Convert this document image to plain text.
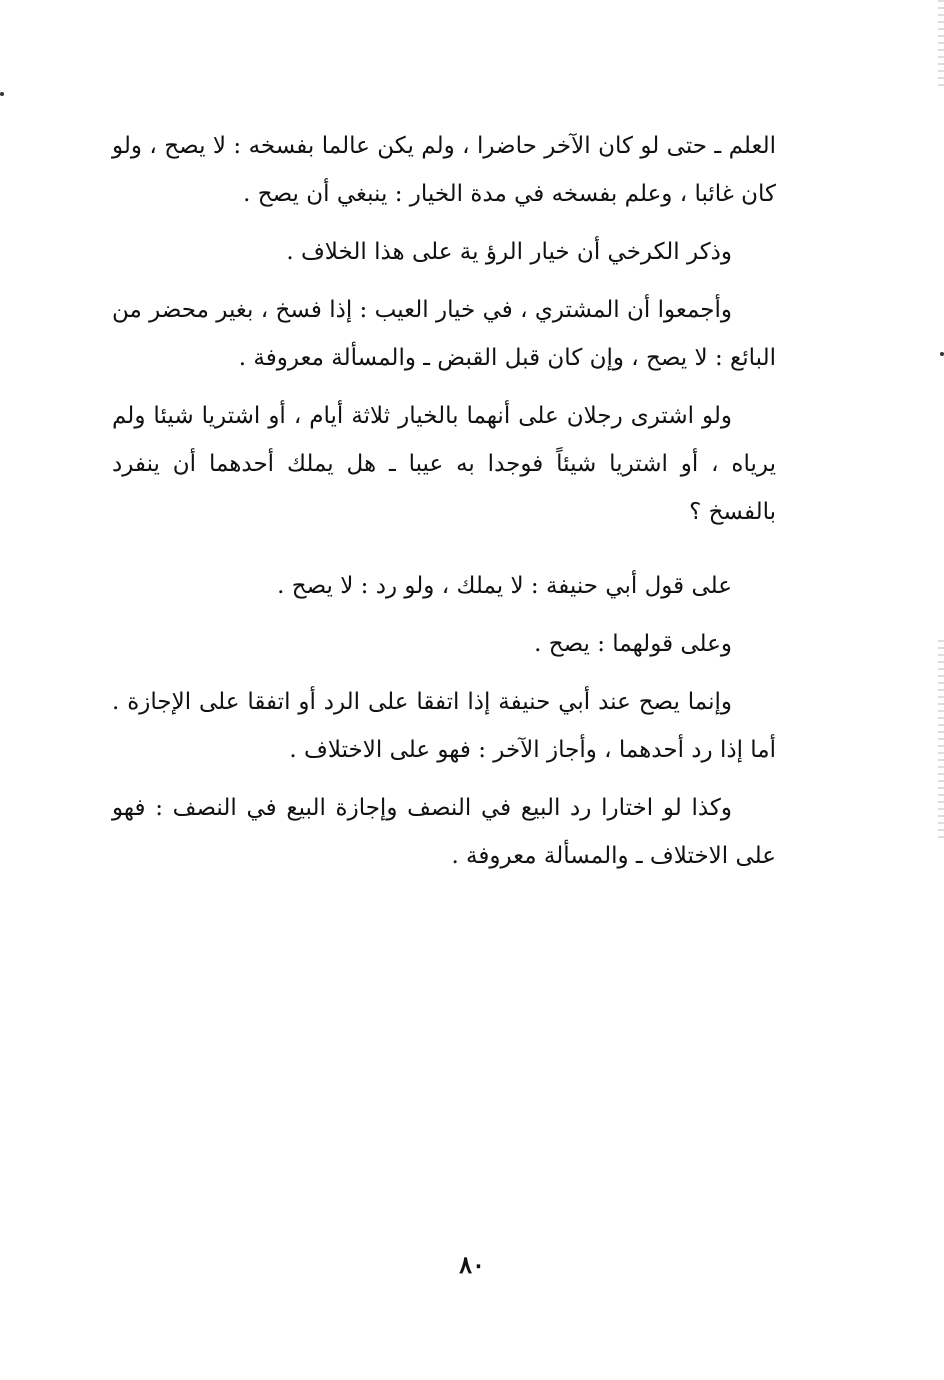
العلم ـ حتى لو كان الآخر حاضرا ، ولم يكن عالما بفسخه : لا يصح ، ولو كان غائبا ، وعلم بفسخه في مدة الخيار : ينبغي أن يصح .

وذكر الكرخي أن خيار الرؤ ية على هذا الخلاف .

وأجمعوا أن المشتري ، في خيار العيب : إذا فسخ ، بغير محضر من البائع : لا يصح ، وإن كان قبل القبض ـ والمسألة معروفة .

ولو اشترى رجلان على أنهما بالخيار ثلاثة أيام ، أو اشتريا شيئا ولم يرياه ، أو اشتريا شيئاً فوجدا به عيبا ـ هل يملك أحدهما أن ينفرد بالفسخ ؟

على قول أبي حنيفة : لا يملك ، ولو رد : لا يصح .

وعلى قولهما : يصح .

وإنما يصح عند أبي حنيفة إذا اتفقا على الرد أو اتفقا على الإجازة . أما إذا رد أحدهما ، وأجاز الآخر : فهو على الاختلاف .

وكذا لو اختارا رد البيع في النصف وإجازة البيع في النصف : فهو على الاختلاف ـ والمسألة معروفة .

٨٠
